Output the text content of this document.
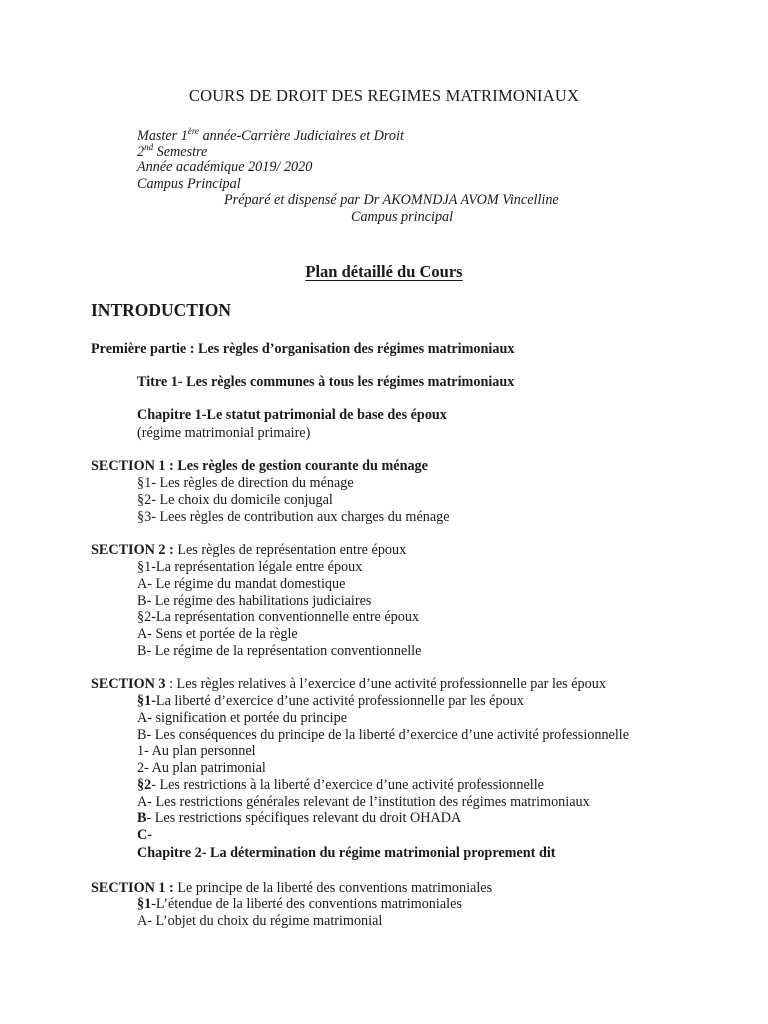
COURS DE DROIT DES REGIMES MATRIMONIAUX
Master 1ère année-Carrière Judiciaires et Droit
2nd Semestre
Année académique 2019/ 2020
Campus Principal
Préparé et dispensé par Dr AKOMNDJA AVOM Vincelline
Campus principal
Plan détaillé du Cours
INTRODUCTION
Première partie : Les règles d’organisation des régimes matrimoniaux
Titre 1- Les règles communes à tous les régimes matrimoniaux
Chapitre 1-Le statut patrimonial de base des époux
(régime matrimonial primaire)
SECTION 1 : Les règles de gestion courante du ménage
§1- Les règles de direction du ménage
§2- Le choix du domicile conjugal
§3- Lees règles de contribution aux charges du ménage
SECTION 2 : Les règles de représentation entre époux
§1-La représentation légale entre époux
A- Le régime du mandat domestique
B- Le régime des habilitations judiciaires
§2-La représentation conventionnelle entre époux
A- Sens et portée de la règle
B- Le régime de la représentation conventionnelle
SECTION 3 : Les règles relatives à l’exercice d’une activité professionnelle par les époux
§1-La liberté d’exercice d’une activité professionnelle par les époux
A- signification et portée du principe
B- Les conséquences du principe de la liberté d’exercice d’une activité professionnelle
1- Au plan personnel
2- Au plan patrimonial
§2- Les restrictions à la liberté d’exercice d’une activité professionnelle
A- Les restrictions générales relevant de l’institution des régimes matrimoniaux
B- Les restrictions spécifiques relevant du droit OHADA
C-
Chapitre 2- La détermination du régime matrimonial proprement dit
SECTION 1 : Le principe de la liberté des conventions matrimoniales
§1-L’étendue de la liberté des conventions matrimoniales
A- L’objet du choix du régime matrimonial
